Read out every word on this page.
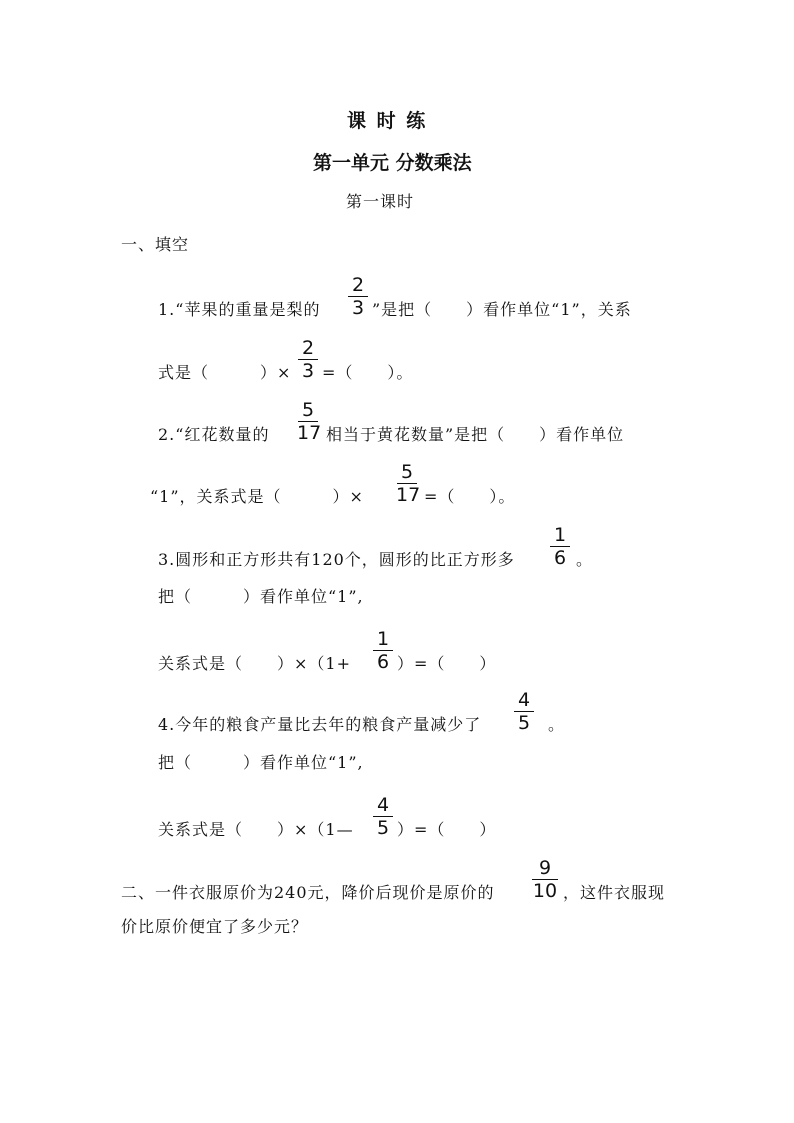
课 时 练
第一单元 分数乘法
第一课时
一、填空
1.“苹果的重量是梨的
2
3 ”是把（　　）看作单位“1”，关系
式是（　　　）×
2
3 =（　　）。
2.“红花数量的
5
17 相当于黄花数量”是把（　　）看作单位
“1”，关系式是（　　　）×
5
17 =（　　）。
3.圆形和正方形共有120个，圆形的比正方形多
1
6 。
把（　　　）看作单位“1”,
关系式是（　　）×（1+
1
6 ）=（　　）
4.今年的粮食产量比去年的粮食产量减少了
4
5	。
把（　　　）看作单位“1”,
关系式是（　　）×（1—
4
5 ）=（　　）
二、一件衣服原价为240元，降价后现价是原价的
9
10 ，这件衣服现
价比原价便宜了多少元？
